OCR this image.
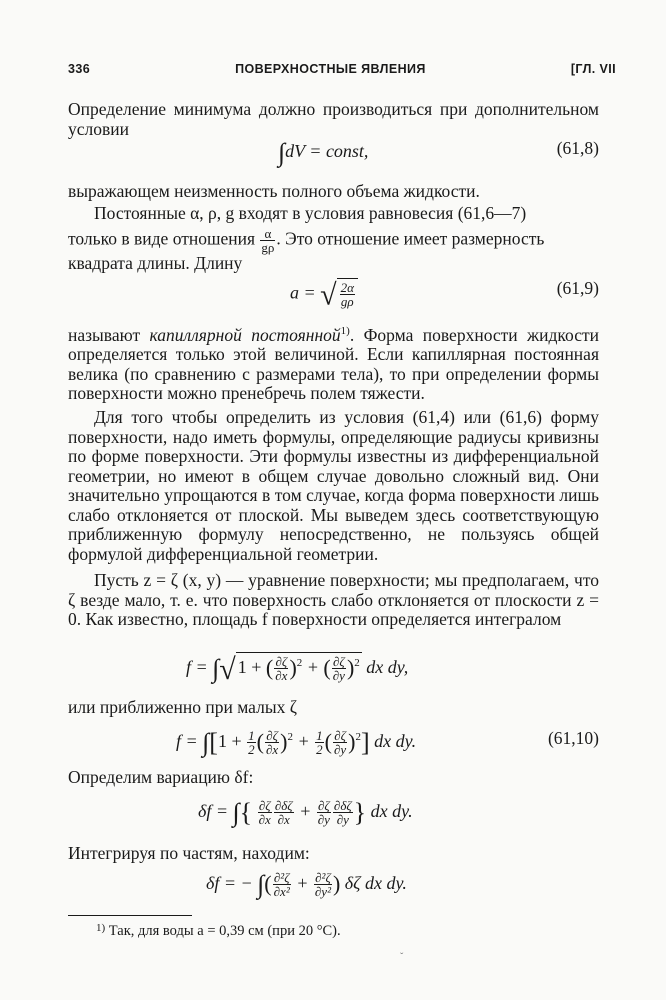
336	ПОВЕРХНОСТНЫЕ ЯВЛЕНИЯ	[ГЛ. VII

Определение минимума должно производиться при дополнительном условии

∫dV = const,	(61,8)

выражающем неизменность полного объема жидкости.

Постоянные α, ρ, g входят в условия равновесия (61,6—7)

только в виде отношения $\frac{\alpha}{g\rho}$ . Это отношение имеет размерность

квадрата длины. Длину

a = √ $\frac{2\alpha}{g\rho}$	(61,9)

называют капиллярной постоянной$^{1)}$. Форма поверхности жидкости определяется только этой величиной. Если капиллярная постоянная велика (по сравнению с размерами тела), то при определении формы поверхности можно пренебречь полем тяжести.

Для того чтобы определить из условия (61,4) или (61,6) форму поверхности, надо иметь формулы, определяющие радиусы кривизны по форме поверхности. Эти формулы известны из дифференциальной геометрии, но имеют в общем случае довольно сложный вид. Они значительно упрощаются в том случае, когда форма поверхности лишь слабо отклоняется от плоской. Мы выведем здесь соответствующую приближенную формулу непосредственно, не пользуясь общей формулой дифференциальной геометрии.

Пусть z = ζ (x, y) — уравнение поверхности; мы предполагаем, что ζ везде мало, т. е. что поверхность слабо отклоняется от плоскости z = 0. Как известно, площадь f поверхности определяется интегралом

f = ∫√ 1 + ( $\frac{\partial\zeta}{\partial x} )^2$ + ( $\frac{\partial\zeta}{\partial y} )^2$ dx dy,

или приближенно при малых ζ

$f = \int[1 + \frac{1}{2}$ ( $\frac{\partial\zeta}{\partial x} )^2 + \frac{1}{2}$ ( $\frac{\partial\zeta}{\partial y} )^2$] dx dy.	(61,10)

Определим вариацию δf:

δf = ∫{ $\frac{\partial\zeta}{\partial x} \frac{\partial\delta\zeta}{\partial x} + \frac{\partial\zeta}{\partial y} \frac{\partial\delta\zeta}{\partial y}$ } dx dy.

Интегрируя по частям, находим:

δf = − ∫( $\frac{\text{∂²ζ}}{\text{∂x²}} + \frac{\text{∂²ζ}}{\text{∂y²}}$ ) δζ dx dy.
$^{1)}$ Так, для воды a = 0,39 см (при 20 °C).
ˇ
